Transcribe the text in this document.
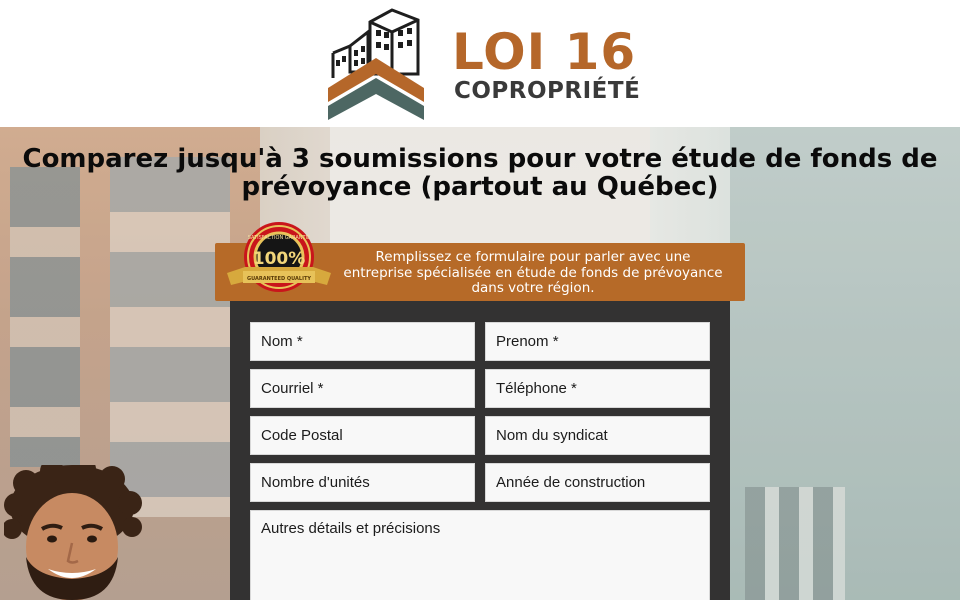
LOI 16
COPROPRIÉTÉ
Comparez jusqu'à 3 soumissions pour votre étude de fonds de prévoyance (partout au Québec)
100%
SATISFACTION GARANTIE
GUARANTEED QUALITY

Remplissez ce formulaire pour parler avec une entreprise spécialisée en étude de fonds de prévoyance dans votre région.

Nom *
Prenom *
Courriel *
Téléphone *
Code Postal
Nom du syndicat
Nombre d'unités
Année de construction
Autres détails et précisions
